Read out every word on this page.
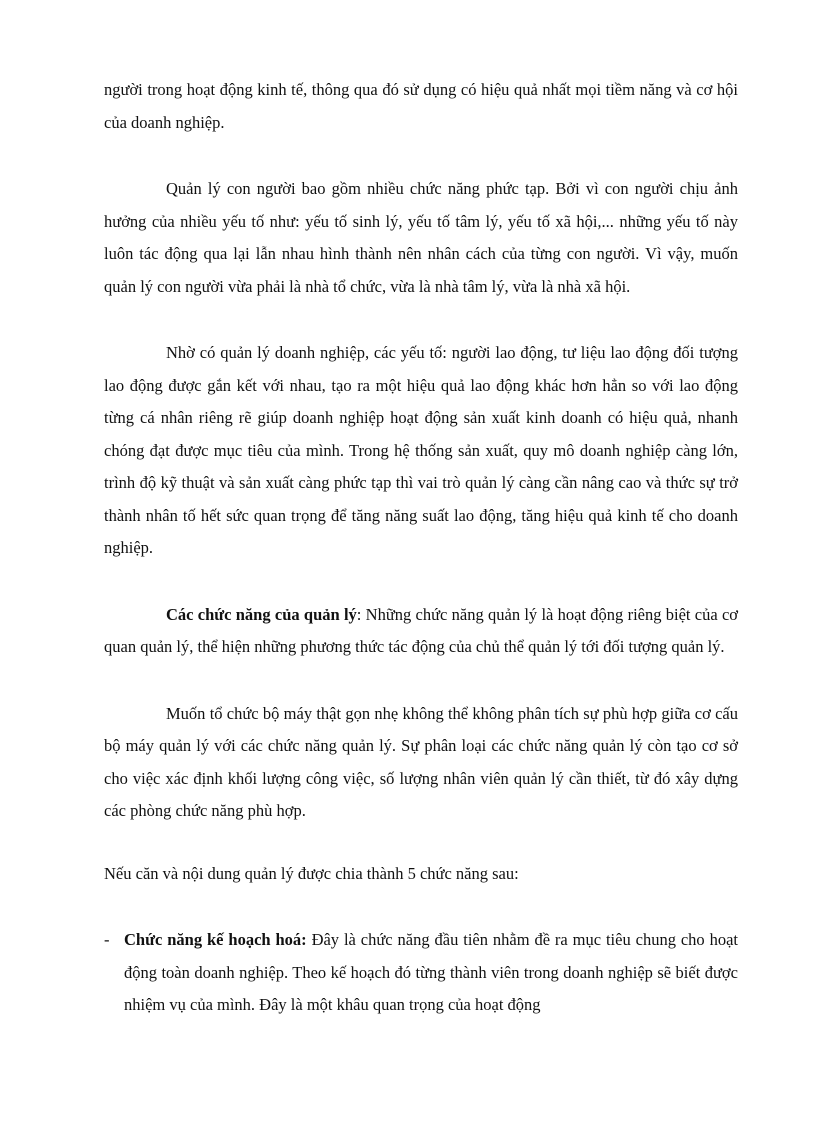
người trong hoạt động kinh tế, thông qua đó sử dụng có hiệu quả nhất mọi tiềm năng và cơ hội của doanh nghiệp.

Quản lý con người bao gồm nhiều chức năng phức tạp. Bởi vì con người chịu ảnh hưởng của nhiều yếu tố như: yếu tố sinh lý, yếu tố tâm lý, yếu tố xã hội,... những yếu tố này luôn tác động qua lại lẫn nhau hình thành nên nhân cách của từng con người. Vì vậy, muốn quản lý con người vừa phải là nhà tổ chức, vừa là nhà tâm lý, vừa là nhà xã hội.

Nhờ có quản lý doanh nghiệp, các yếu tố: người lao động, tư liệu lao động đối tượng lao động được gắn kết với nhau, tạo ra một hiệu quả lao động khác hơn hẳn so với lao động từng cá nhân riêng rẽ giúp doanh nghiệp hoạt động sản xuất kinh doanh có hiệu quả, nhanh chóng đạt được mục tiêu của mình. Trong hệ thống sản xuất, quy mô doanh nghiệp càng lớn, trình độ kỹ thuật và sản xuất càng phức tạp thì vai trò quản lý càng cần nâng cao và thức sự trở thành nhân tố hết sức quan trọng để tăng năng suất lao động, tăng hiệu quả kinh tế cho doanh nghiệp.

Các chức năng của quản lý: Những chức năng quản lý là hoạt động riêng biệt của cơ quan quản lý, thể hiện những phương thức tác động của chủ thể quản lý tới đối tượng quản lý.

Muốn tổ chức bộ máy thật gọn nhẹ không thể không phân tích sự phù hợp giữa cơ cấu bộ máy quản lý với các chức năng quản lý. Sự phân loại các chức năng quản lý còn tạo cơ sở cho việc xác định khối lượng công việc, số lượng nhân viên quản lý cần thiết, từ đó xây dựng các phòng chức năng phù hợp.

Nếu căn và nội dung quản lý được chia thành 5 chức năng sau:

- Chức năng kế hoạch hoá: Đây là chức năng đầu tiên nhằm đề ra mục tiêu chung cho hoạt động toàn doanh nghiệp. Theo kế hoạch đó từng thành viên trong doanh nghiệp sẽ biết được nhiệm vụ của mình. Đây là một khâu quan trọng của hoạt động
